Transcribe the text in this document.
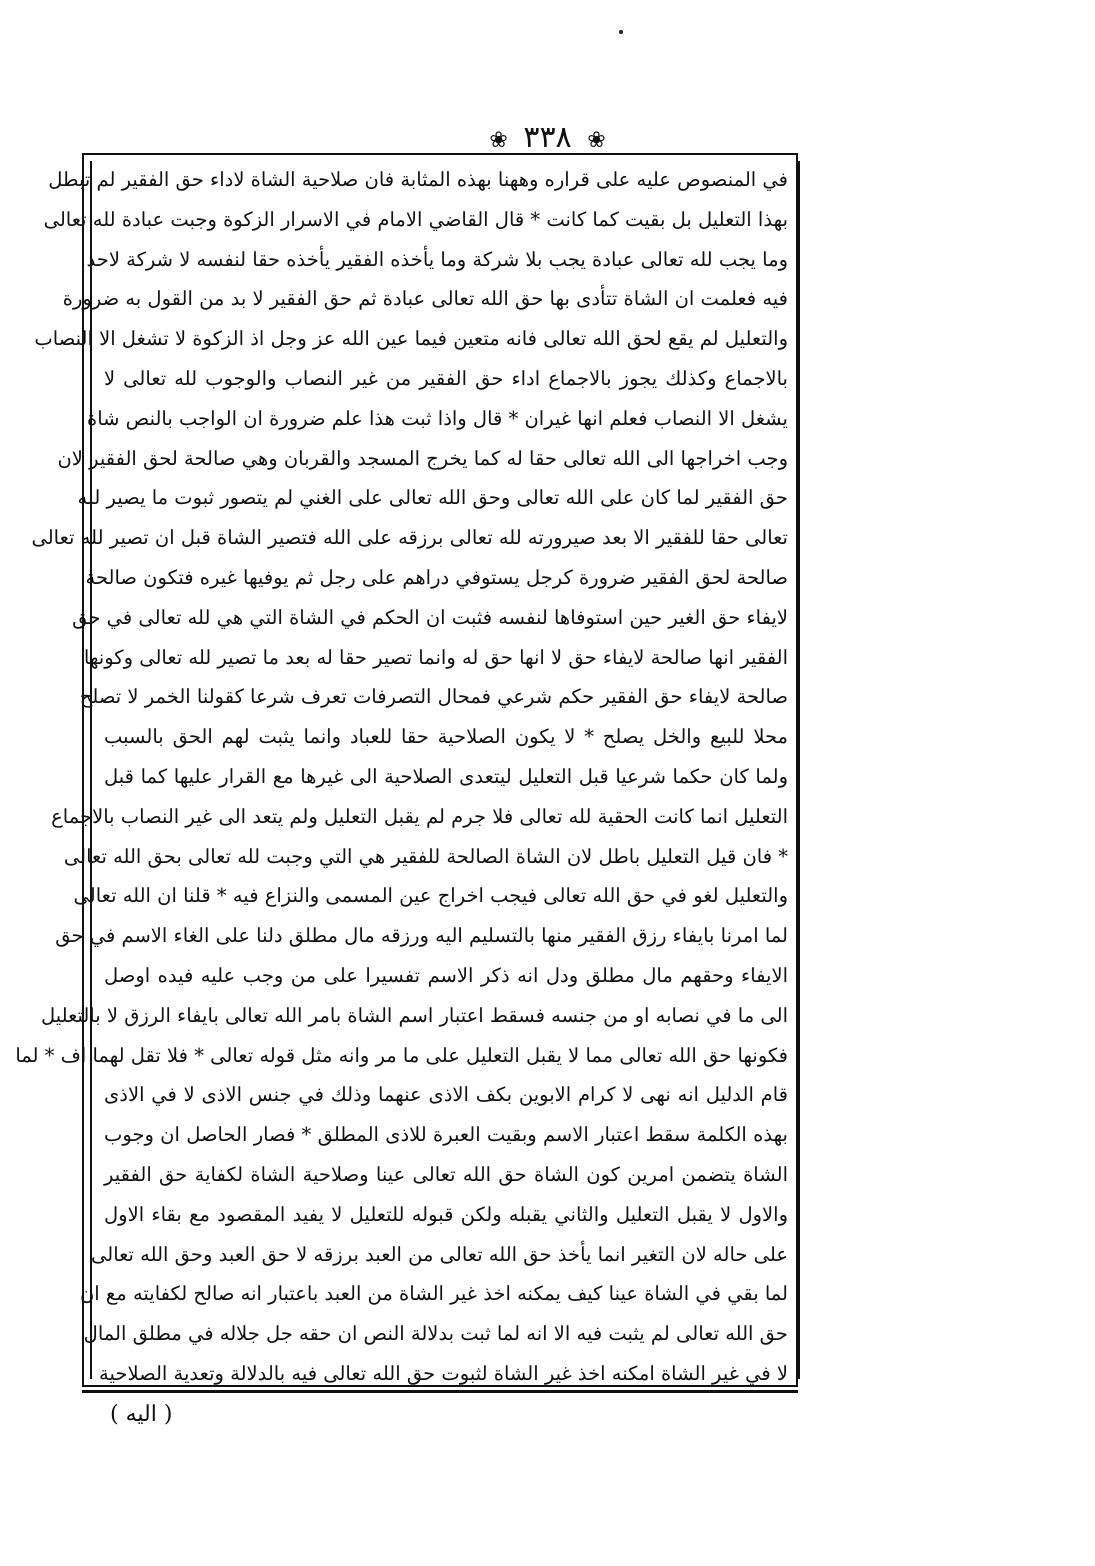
❀ ٣٣٨ ❀
في المنصوص عليه على قراره وههنا بهذه المثابة فان صلاحية الشاة لاداء حق الفقير لم تبطل
بهذا التعليل بل بقيت كما كانت * قال القاضي الامام في الاسرار الزكوة وجبت عبادة لله تعالى
وما يجب لله تعالى عبادة يجب بلا شركة وما يأخذه الفقير يأخذه حقا لنفسه لا شركة لاحد
فيه فعلمت ان الشاة تتأدى بها حق الله تعالى عبادة ثم حق الفقير لا بد من القول به ضرورة
والتعليل لم يقع لحق الله تعالى فانه متعين فيما عين الله عز وجل اذ الزكوة لا تشغل الا النصاب
بالاجماع وكذلك يجوز بالاجماع اداء حق الفقير من غير النصاب والوجوب لله تعالى لا
يشغل الا النصاب فعلم انها غيران * قال واذا ثبت هذا علم ضرورة ان الواجب بالنص شاة
وجب اخراجها الى الله تعالى حقا له كما يخرج المسجد والقربان وهي صالحة لحق الفقير لان
حق الفقير لما كان على الله تعالى وحق الله تعالى على الغني لم يتصور ثبوت ما يصير لله
تعالى حقا للفقير الا بعد صيرورته لله تعالى برزقه على الله فتصير الشاة قبل ان تصير لله تعالى
صالحة لحق الفقير ضرورة كرجل يستوفي دراهم على رجل ثم يوفيها غيره فتكون صالحة
لايفاء حق الغير حين استوفاها لنفسه فثبت ان الحكم في الشاة التي هي لله تعالى في حق
الفقير انها صالحة لايفاء حق لا انها حق له وانما تصير حقا له بعد ما تصير لله تعالى وكونها
صالحة لايفاء حق الفقير حكم شرعي فمحال التصرفات تعرف شرعا كقولنا الخمر لا تصلح
محلا للبيع والخل يصلح * لا يكون الصلاحية حقا للعباد وانما يثبت لهم الحق بالسبب
ولما كان حكما شرعيا قبل التعليل ليتعدى الصلاحية الى غيرها مع القرار عليها كما قبل
التعليل انما كانت الحقية لله تعالى فلا جرم لم يقبل التعليل ولم يتعد الى غير النصاب بالاجماع
* فان قيل التعليل باطل لان الشاة الصالحة للفقير هي التي وجبت لله تعالى بحق الله تعالى
والتعليل لغو في حق الله تعالى فيجب اخراج عين المسمى والنزاع فيه * قلنا ان الله تعالى
لما امرنا بايفاء رزق الفقير منها بالتسليم اليه ورزقه مال مطلق دلنا على الغاء الاسم في حق
الايفاء وحقهم مال مطلق ودل انه ذكر الاسم تفسيرا على من وجب عليه فيده اوصل
الى ما في نصابه او من جنسه فسقط اعتبار اسم الشاة بامر الله تعالى بايفاء الرزق لا بالتعليل
فكونها حق الله تعالى مما لا يقبل التعليل على ما مر وانه مثل قوله تعالى * فلا تقل لهما اف * لما
قام الدليل انه نهى لا كرام الابوين بكف الاذى عنهما وذلك في جنس الاذى لا في الاذى
بهذه الكلمة سقط اعتبار الاسم وبقيت العبرة للاذى المطلق * فصار الحاصل ان وجوب
الشاة يتضمن امرين كون الشاة حق الله تعالى عينا وصلاحية الشاة لكفاية حق الفقير
والاول لا يقبل التعليل والثاني يقبله ولكن قبوله للتعليل لا يفيد المقصود مع بقاء الاول
على حاله لان التغير انما يأخذ حق الله تعالى من العبد برزقه لا حق العبد وحق الله تعالى
لما بقي في الشاة عينا كيف يمكنه اخذ غير الشاة من العبد باعتبار انه صالح لكفايته مع ان
حق الله تعالى لم يثبت فيه الا انه لما ثبت بدلالة النص ان حقه جل جلاله في مطلق المال
لا في غير الشاة امكنه اخذ غير الشاة لثبوت حق الله تعالى فيه بالدلالة وتعدية الصلاحية
( اليه )
